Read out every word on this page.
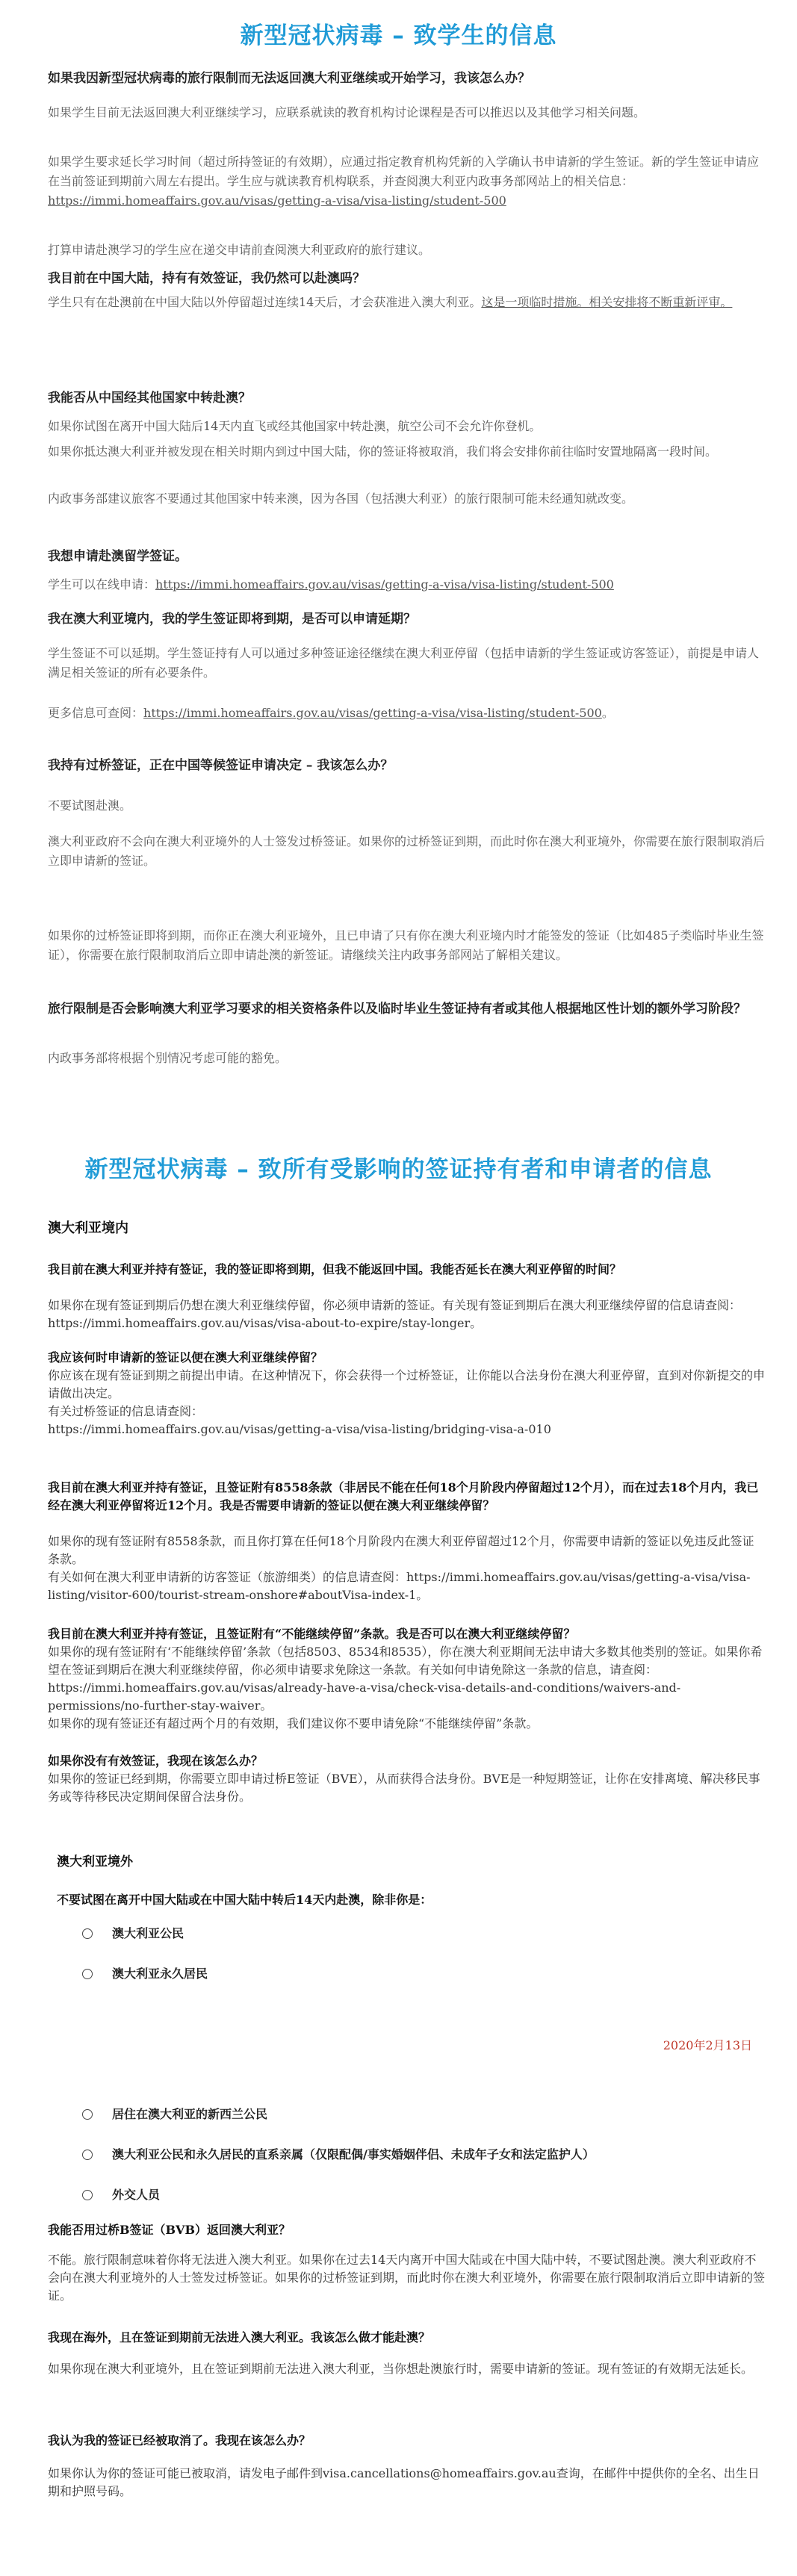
新型冠状病毒 – 致学生的信息
如果我因新型冠状病毒的旅行限制而无法返回澳大利亚继续或开始学习，我该怎么办？
如果学生目前无法返回澳大利亚继续学习，应联系就读的教育机构讨论课程是否可以推迟以及其他学习相关问题。
如果学生要求延长学习时间（超过所持签证的有效期），应通过指定教育机构凭新的入学确认书申请新的学生签证。新的学生签证申请应在当前签证到期前六周左右提出。学生应与就读教育机构联系，并查阅澳大利亚内政事务部网站上的相关信息：https://immi.homeaffairs.gov.au/visas/getting-a-visa/visa-listing/student-500
打算申请赴澳学习的学生应在递交申请前查阅澳大利亚政府的旅行建议。
我目前在中国大陆，持有有效签证，我仍然可以赴澳吗？
学生只有在赴澳前在中国大陆以外停留超过连续14天后，才会获准进入澳大利亚。这是一项临时措施。相关安排将不断重新评审。
我能否从中国经其他国家中转赴澳？
如果你试图在离开中国大陆后14天内直飞或经其他国家中转赴澳，航空公司不会允许你登机。
如果你抵达澳大利亚并被发现在相关时期内到过中国大陆，你的签证将被取消，我们将会安排你前往临时安置地隔离一段时间。
内政事务部建议旅客不要通过其他国家中转来澳，因为各国（包括澳大利亚）的旅行限制可能未经通知就改变。
我想申请赴澳留学签证。
学生可以在线申请：https://immi.homeaffairs.gov.au/visas/getting-a-visa/visa-listing/student-500
我在澳大利亚境内，我的学生签证即将到期，是否可以申请延期？
学生签证不可以延期。学生签证持有人可以通过多种签证途径继续在澳大利亚停留（包括申请新的学生签证或访客签证），前提是申请人满足相关签证的所有必要条件。
更多信息可查阅：https://immi.homeaffairs.gov.au/visas/getting-a-visa/visa-listing/student-500。
我持有过桥签证，正在中国等候签证申请决定 – 我该怎么办？
不要试图赴澳。
澳大利亚政府不会向在澳大利亚境外的人士签发过桥签证。如果你的过桥签证到期，而此时你在澳大利亚境外，你需要在旅行限制取消后立即申请新的签证。
如果你的过桥签证即将到期，而你正在澳大利亚境外，且已申请了只有你在澳大利亚境内时才能签发的签证（比如485子类临时毕业生签证），你需要在旅行限制取消后立即申请赴澳的新签证。请继续关注内政事务部网站了解相关建议。
旅行限制是否会影响澳大利亚学习要求的相关资格条件以及临时毕业生签证持有者或其他人根据地区性计划的额外学习阶段？
内政事务部将根据个别情况考虑可能的豁免。
新型冠状病毒 – 致所有受影响的签证持有者和申请者的信息
澳大利亚境内
我目前在澳大利亚并持有签证，我的签证即将到期，但我不能返回中国。我能否延长在澳大利亚停留的时间？
如果你在现有签证到期后仍想在澳大利亚继续停留，你必须申请新的签证。有关现有签证到期后在澳大利亚继续停留的信息请查阅：https://immi.homeaffairs.gov.au/visas/visa-about-to-expire/stay-longer。
我应该何时申请新的签证以便在澳大利亚继续停留？
你应该在现有签证到期之前提出申请。在这种情况下，你会获得一个过桥签证，让你能以合法身份在澳大利亚停留，直到对你新提交的申请做出决定。
有关过桥签证的信息请查阅：
https://immi.homeaffairs.gov.au/visas/getting-a-visa/visa-listing/bridging-visa-a-010
我目前在澳大利亚并持有签证，且签证附有8558条款（非居民不能在任何18个月阶段内停留超过12个月），而在过去18个月内，我已经在澳大利亚停留将近12个月。我是否需要申请新的签证以便在澳大利亚继续停留？
如果你的现有签证附有8558条款，而且你打算在任何18个月阶段内在澳大利亚停留超过12个月，你需要申请新的签证以免违反此签证条款。
有关如何在澳大利亚申请新的访客签证（旅游细类）的信息请查阅：https://immi.homeaffairs.gov.au/visas/getting-a-visa/visa-listing/visitor-600/tourist-stream-onshore#aboutVisa-index-1。
我目前在澳大利亚并持有签证，且签证附有“不能继续停留”条款。我是否可以在澳大利亚继续停留？
如果你的现有签证附有‘不能继续停留’条款（包括8503、8534和8535），你在澳大利亚期间无法申请大多数其他类别的签证。如果你希望在签证到期后在澳大利亚继续停留，你必须申请要求免除这一条款。有关如何申请免除这一条款的信息，请查阅：https://immi.homeaffairs.gov.au/visas/already-have-a-visa/check-visa-details-and-conditions/waivers-and-permissions/no-further-stay-waiver。
如果你的现有签证还有超过两个月的有效期，我们建议你不要申请免除“不能继续停留”条款。
如果你没有有效签证，我现在该怎么办？
如果你的签证已经到期，你需要立即申请过桥E签证（BVE），从而获得合法身份。BVE是一种短期签证，让你在安排离境、解决移民事务或等待移民决定期间保留合法身份。
澳大利亚境外
不要试图在离开中国大陆或在中国大陆中转后14天内赴澳，除非你是：
澳大利亚公民
澳大利亚永久居民
2020年2月13日
居住在澳大利亚的新西兰公民
澳大利亚公民和永久居民的直系亲属（仅限配偶/事实婚姻伴侣、未成年子女和法定监护人）
外交人员
我能否用过桥B签证（BVB）返回澳大利亚？
不能。旅行限制意味着你将无法进入澳大利亚。如果你在过去14天内离开中国大陆或在中国大陆中转，不要试图赴澳。澳大利亚政府不会向在澳大利亚境外的人士签发过桥签证。如果你的过桥签证到期，而此时你在澳大利亚境外，你需要在旅行限制取消后立即申请新的签证。
我现在海外，且在签证到期前无法进入澳大利亚。我该怎么做才能赴澳？
如果你现在澳大利亚境外，且在签证到期前无法进入澳大利亚，当你想赴澳旅行时，需要申请新的签证。现有签证的有效期无法延长。
我认为我的签证已经被取消了。我现在该怎么办？
如果你认为你的签证可能已被取消，请发电子邮件到visa.cancellations@homeaffairs.gov.au查询，在邮件中提供你的全名、出生日期和护照号码。
